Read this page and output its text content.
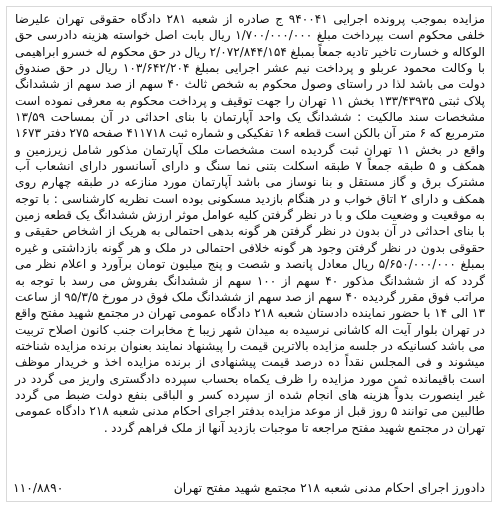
مزایده بموجب پرونده اجرایی ۹۴۰۰۴۱ ج صادره از شعبه ۲۸۱ دادگاه حقوقی تهران علیرضا خلفی محکوم است بپرداخت مبلغ ۱/۷۰۰/۰۰۰/۰۰۰ ریال بابت اصل خواسته هزینه دادرسی حق الوکاله و خسارت تاخیر تادیه جمعاً بمبلغ ۲/۰۷۲/۸۴۴/۱۵۴ ریال در حق محکوم له خسرو ابراهیمی با وکالت محمود عربلو و پرداخت نیم عشر اجرایی بمبلغ ۱۰۳/۶۴۲/۲۰۴ ریال در حق صندوق دولت می باشد لذا در راستای وصول محکوم به شخص ثالث ۴۰ سهم از صد سهم از ششدانگ پلاک ثبتی ۱۳۳/۴۳۹۳۵ بخش ۱۱ تهران را جهت توقیف و پرداخت محکوم به معرفی نموده است مشخصات سند مالکیت : ششدانگ یک واحد آپارتمان با بنای احداثی در آن بمساحت ۱۳/۵۹ مترمربع که ۶ متر آن بالکن است قطعه ۱۶ تفکیکی و شماره ثبت ۴۱۱۷۱۸ صفحه ۲۷۵ دفتر ۱۶۷۳ واقع در بخش ۱۱ تهران ثبت گردیده است مشخصات ملک آپارتمان مذکور شامل زیرزمین و همکف و ۵ طبقه جمعاً ۷ طبقه اسکلت بتنی نما سنگ و دارای آسانسور دارای انشعاب آب مشترک برق و گاز مستقل و بنا نوساز می باشد آپارتمان مورد منازعه در طبقه چهارم روی همکف و دارای ۲ اتاق خواب و در هنگام بازدید مسکونی بوده است نظریه کارشناسی : با توجه به موقعیت و وضعیت ملک و با در نظر گرفتن کلیه عوامل موثر ارزش ششدانگ یک قطعه زمین با بنای احداثی در آن بدون در نظر گرفتن هر گونه بدهی احتمالی به هریک از اشخاص حقیقی و حقوقی بدون در نظر گرفتن وجود هر گونه خلافی احتمالی در ملک و هر گونه بازداشتی و غیره بمبلغ ۵/۶۵۰/۰۰۰/۰۰۰ ریال معادل پانصد و شصت و پنج میلیون تومان برآورد و اعلام نظر می گردد که از ششدانگ مذکور ۴۰ سهم از ۱۰۰ سهم از ششدانگ بفروش می رسد با توجه به مراتب فوق مقرر گردیده ۴۰ سهم از صد سهم از ششدانگ ملک فوق در مورخ ۹۵/۳/۵ از ساعت ۱۳ الی ۱۴ با حضور نماینده دادستان شعبه ۲۱۸ دادگاه عمومی تهران در مجتمع شهید مفتح واقع در تهران بلوار آیت اله کاشانی نرسیده به میدان شهر زیبا خ مخابرات جنب کانون اصلاح تربیت می باشد کسانیکه در جلسه مزایده بالاترین قیمت را پیشنهاد نمایند بعنوان برنده مزایده شناخته میشوند و فی المجلس نقداً ده درصد قیمت پیشنهادی از برنده مزایده اخذ و خریدار موظف است باقیمانده ثمن مورد مزایده را ظرف یکماه بحساب سپرده دادگستری واریز می گردد در غیر اینصورت بدواً هزینه های انجام شده از سپرده کسر و الباقی بنفع دولت ضبط می گردد طالبین می توانند ۵ روز قبل از موعد مزایده بدفتر اجرای احکام مدنی شعبه ۲۱۸ دادگاه عمومی تهران در مجتمع شهید مفتح مراجعه تا موجبات بازدید آنها از ملک فراهم گردد .

دادورز اجرای احکام مدنی شعبه ۲۱۸ مجتمع شهید مفتح تهران
۱۱۰/۸۸۹۰
